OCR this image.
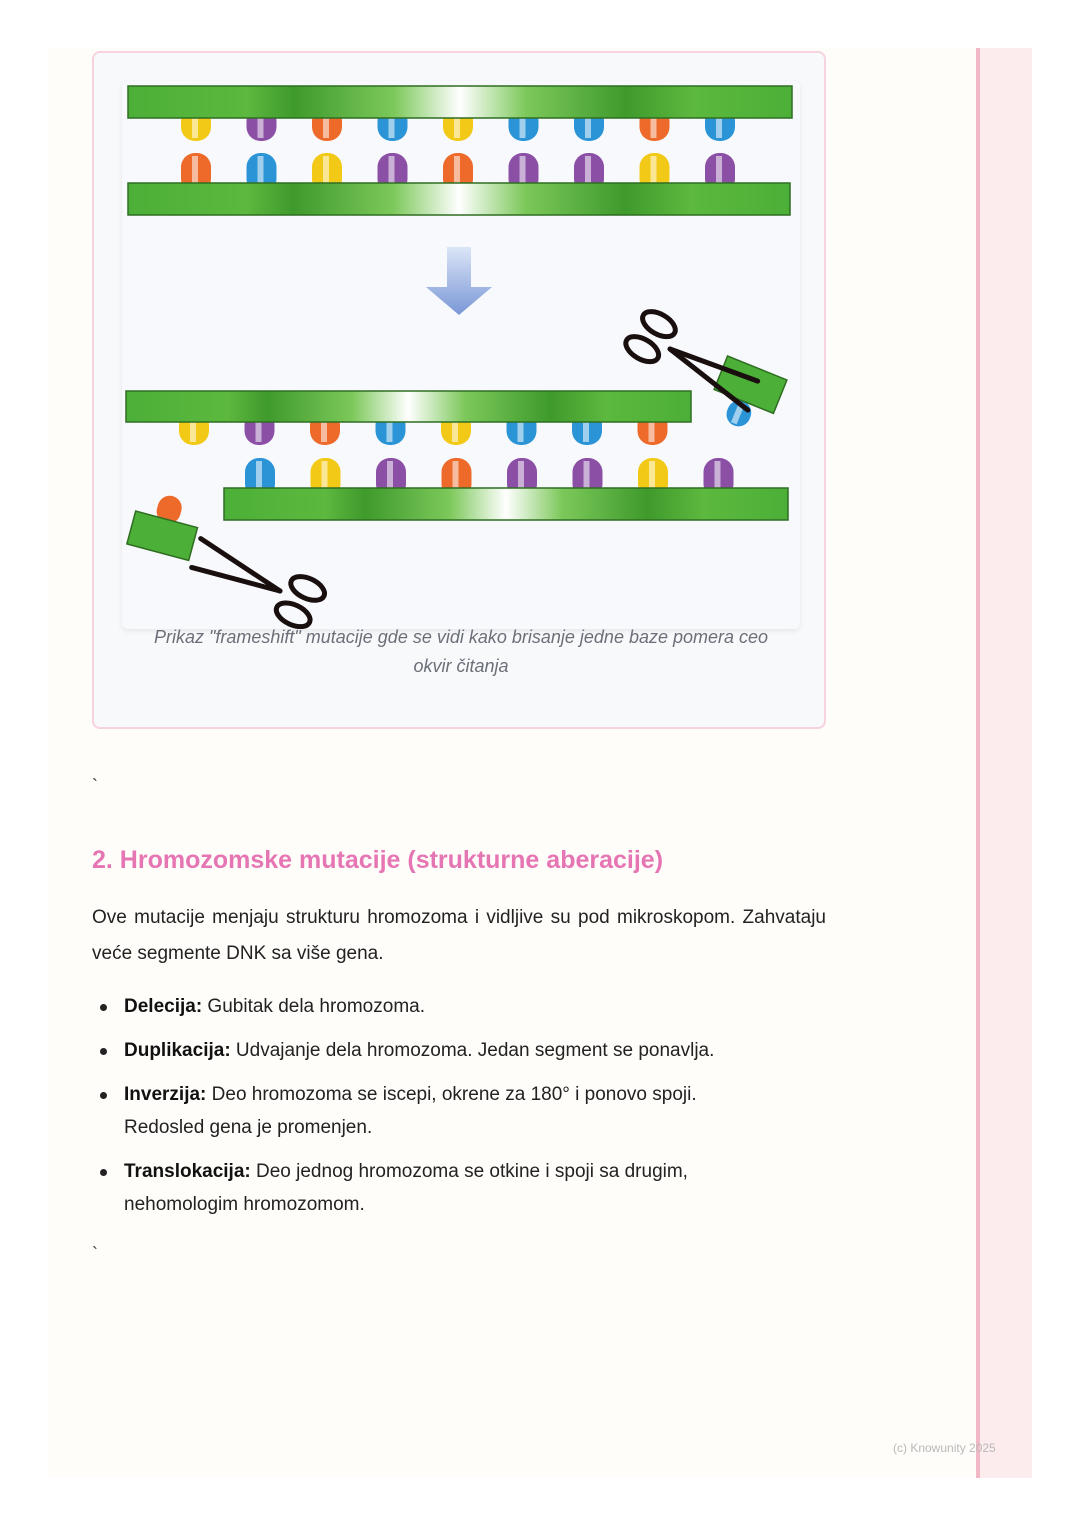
Prikaz "frameshift" mutacije gde se vidi kako brisanje jedne baze pomera ceo okvir čitanja
`
2. Hromozomske mutacije (strukturne aberacije)

Ove mutacije menjaju strukturu hromozoma i vidljive su pod mikroskopom. Zahvataju veće segmente DNK sa više gena.

Delecija: Gubitak dela hromozoma.
Duplikacija: Udvajanje dela hromozoma. Jedan segment se ponavlja.
Inverzija: Deo hromozoma se iscepi, okrene za 180° i ponovo spoji. Redosled gena je promenjen.
Translokacija: Deo jednog hromozoma se otkine i spoji sa drugim, nehomologim hromozomom.
`
(c) Knowunity 2025
